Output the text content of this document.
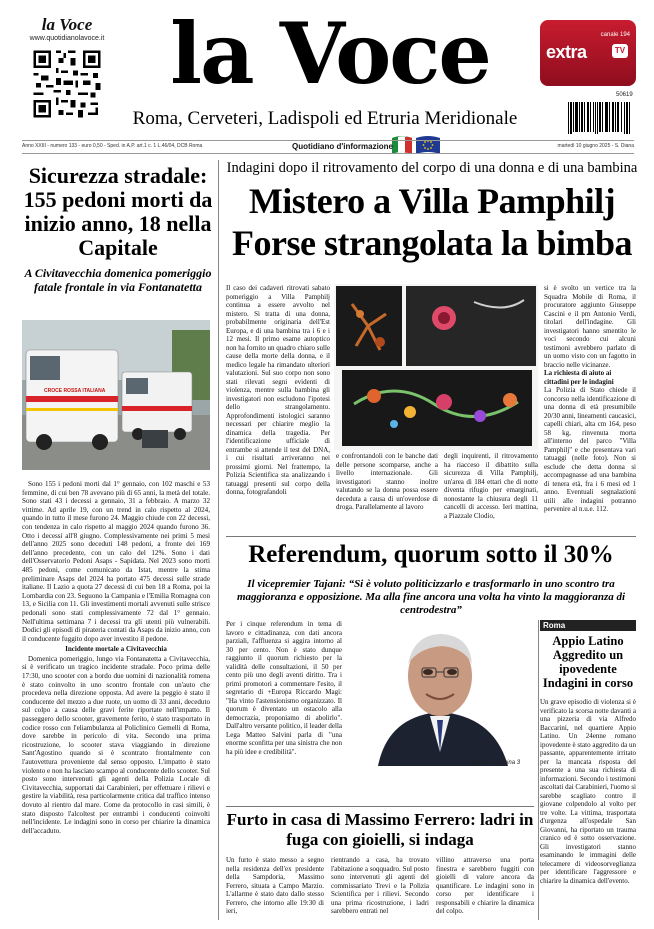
la Voce
www.quotidianolavoce.it la Voce
Roma, Cerveteri, Ladispoli ed Etruria Meridionale
canale 194
extra	TV
50619
Anno XXIII - numero 133 - euro 0,50 - Sped. in A.P. art.1 c. 1 L.46/04, DCB Roma	Quotidiano d'informazione	martedì 10 giugno 2025 - S. Diana
Sicurezza stradale: 155 pedoni morti da inizio anno, 18 nella Capitale
A Civitavecchia domenica pomeriggio fatale frontale in via Fontanatetta
CROCE ROSSA ITALIANA

Sono 155 i pedoni morti dal 1° gennaio, con 102 maschi e 53 femmine, di cui ben 78 avevano più di 65 anni, la metà del totale. Sono stati 43 i decessi a gennaio, 31 a febbraio. A marzo 32 vittime. Ad aprile 19, con un trend in calo rispetto al 2024, quando in tutto il mese furono 24. Maggio chiude con 22 decessi, con tendenza in calo rispetto al maggio 2024 quando furono 36. Otto i decessi all'8 giugno. Complessivamente nei primi 5 mesi dell'anno 2025 sono deceduti 148 pedoni, a fronte dei 169 dell'anno precedente, con un calo del 12%. Sono i dati dell'Osservatorio Pedoni Asaps - Sapidata. Nel 2023 sono morti 485 pedoni, come comunicato da Istat, mentre la stima preliminare Asaps del 2024 ha portato 475 decessi sulle strade italiane. Il Lazio a quota 27 decessi di cui ben 18 a Roma, poi la Lombardia con 23. Seguono la Campania e l'Emilia Romagna con 13, e Sicilia con 11. Gli investimenti mortali avvenuti sulle strisce pedonali sono stati complessivamente 72 dal 1° gennaio. Nell'ultima settimana 7 i decessi tra gli utenti più vulnerabili. Dodici gli episodi di pirateria contati da Asaps da inizio anno, con il conducente fuggito dopo aver investito il pedone.

Incidente mortale a Civitavecchia

Domenica pomeriggio, lungo via Fontanatetta a Civitavecchia, si è verificato un tragico incidente stradale. Poco prima delle 17:30, uno scooter con a bordo due uomini di nazionalità romena è stato coinvolto in uno scontro frontale con un'auto che procedeva nella direzione opposta. Ad avere la peggio è stato il conducente del mezzo a due ruote, un uomo di 33 anni, deceduto sul colpo a causa delle gravi ferite riportate nell'impatto. Il passeggero dello scooter, gravemente ferito, è stato trasportato in codice rosso con l'eliambulanza al Policlinico Gemelli di Roma, dove sarebbe in pericolo di vita. Secondo una prima ricostruzione, lo scooter stava viaggiando in direzione Sant'Agostino quando si è scontrato frontalmente con l'autovettura proveniente dal senso opposto. L'impatto è stato violento e non ha lasciato scampo al conducente dello scooter. Sul posto sono intervenuti gli agenti della Polizia Locale di Civitavecchia, supportati dai Carabinieri, per effettuare i rilievi e gestire la viabilità, resa particolarmente critica dal traffico intenso dovuto al rientro dal mare. Come da protocollo in casi simili, è stato disposto l'alcoltest per entrambi i conducenti coinvolti nell'incidente. Le indagini sono in corso per chiarire la dinamica dell'accaduto.

Indagini dopo il ritrovamento del corpo di una donna e di una bambina
Mistero a Villa Pamphilj Forse strangolata la bimba
Il caso dei cadaveri ritrovati sabato pomeriggio a Villa Pamphilj continua a essere avvolto nel mistero. Si tratta di una donna, probabilmente originaria dell'Est Europa, e di una bambina tra i 6 e i 12 mesi. Il primo esame autoptico non ha fornito un quadro chiaro sulle cause della morte della donna, e il medico legale ha rimandato ulteriori valutazioni. Sul suo corpo non sono stati rilevati segni evidenti di violenza, mentre sulla bambina gli investigatori non escludono l'ipotesi dello strangolamento. Approfondimenti istologici saranno necessari per chiarire meglio la dinamica della tragedia. Per l'identificazione ufficiale di entrambe si attende il test del DNA, i cui risultati arriveranno nei prossimi giorni. Nel frattempo, la Polizia Scientifica sta analizzando i tatuaggi presenti sul corpo della donna, fotografandoli
e confrontandoli con le banche dati delle persone scomparse, anche a livello internazionale. Gli investigatori stanno inoltre valutando se la donna possa essere deceduta a causa di un'overdose di droga. Parallelamente al lavoro
degli inquirenti, il ritrovamento ha riacceso il dibattito sulla sicurezza di Villa Pamphilj, un'area di 184 ettari che di notte diventa rifugio per emarginati, nonostante la chiusura degli 11 cancelli di accesso. Ieri mattina, a Piazzale Clodio,
si è svolto un vertice tra la Squadra Mobile di Roma, il procuratore aggiunto Giuseppe Cascini e il pm Antonio Verdi, titolari dell'indagine. Gli investigatori hanno smentito le voci secondo cui alcuni testimoni avrebbero parlato di un uomo visto con un fagotto in braccio nelle vicinanze.
La richiesta di aiuto ai cittadini per le indagini
La Polizia di Stato chiede il concorso nella identificazione di una donna di età presumibile 20/30 anni, lineamenti caucasici, capelli chiari, alta cm 164, peso 58 kg, rinvenuta morta all'interno del parco "Villa Pamphilj" e che presentava vari tatuaggi (nelle foto). Non si esclude che detta donna si accompagnasse ad una bambina di tenera età, fra i 6 mesi ed 1 anno. Eventuali segnalazioni utili alle indagini potranno pervenire al n.u.e. 112.
Referendum, quorum sotto il 30%
Il vicepremier Tajani: “Si è voluto politicizzarlo e trasformarlo in uno scontro tra maggioranza e opposizione. Ma alla fine ancora una volta ha vinto la maggioranza di centrodestra”
Per i cinque referendum in tema di lavoro e cittadinanza, con dati ancora parziali, l'affluenza si aggira intorno al 30 per cento. Non è stato dunque raggiunto il quorum richiesto per la validità delle consultazioni, il 50 per cento più uno degli aventi diritto. Tra i primi promotori a commentare l'esito, il segretario di +Europa Riccardo Magi: "Ha vinto l'astensionismo organizzato. Il quorum è diventato un ostacolo alla democrazia, proponiamo di abolirlo". Dall'altro versante politico, il leader della Lega Matteo Salvini parla di "una enorme sconfitta per una sinistra che non ha più idee e credibilità".
servizio a pagina 3
Roma
Appio Latino Aggredito un ipovedente Indagini in corso
Un grave episodio di violenza si è verificato la scorsa notte davanti a una pizzeria di via Alfredo Baccarini, nel quartiere Appio Latino. Un 24enne romano ipovedente è stato aggredito da un passante, apparentemente irritato per la mancata risposta del presente a una sua richiesta di informazioni. Secondo i testimoni ascoltati dai Carabinieri, l'uomo si sarebbe scagliato contro il giovane colpendolo al volto per tre volte. La vittima, trasportata d'urgenza all'ospedale San Giovanni, ha riportato un trauma cranico ed è sotto osservazione. Gli investigatori stanno esaminando le immagini delle telecamere di videosorveglianza per identificare l'aggressore e chiarire la dinamica dell'evento.
Furto in casa di Massimo Ferrero: ladri in fuga con gioielli, si indaga
Un furto è stato messo a segno nella residenza dell'ex presidente della Sampdoria, Massimo Ferrero, situata a Campo Marzio. L'allarme è stato dato dallo stesso Ferrero, che intorno alle 19:30 di ieri,
rientrando a casa, ha trovato l'abitazione a soqquadro. Sul posto sono intervenuti gli agenti del commissariato Trevi e la Polizia Scientifica per i rilievi. Secondo una prima ricostruzione, i ladri sarebbero entrati nel
villino attraverso una porta finestra e sarebbero fuggiti con gioielli di valore ancora da quantificare. Le indagini sono in corso per identificare i responsabili e chiarire la dinamica del colpo.
